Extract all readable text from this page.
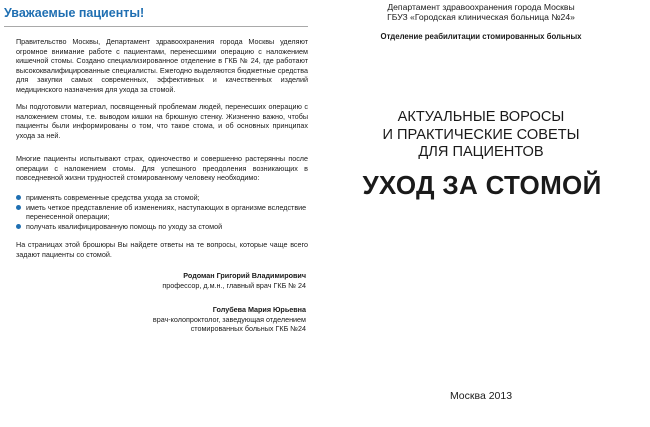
Уважаемые пациенты!
Правительство Москвы, Департамент здравоохранения города Москвы уделяют огромное внимание работе с пациентами, перенесшими операцию с наложением кишечной стомы. Создано специализированное отделение в ГКБ № 24, где работают высококвалифицированные специалисты. Ежегодно выделяются бюджетные средства для закупки самых современных, эффективных и качественных изделий медицинского назначения для ухода за стомой.
Мы подготовили материал, посвященный проблемам людей, перенесших операцию с наложением стомы, т.е. выводом кишки на брюшную стенку. Жизненно важно, чтобы пациенты были информированы о том, что такое стома, и об основных принципах ухода за ней.
Многие пациенты испытывают страх, одиночество и совершенно растерянны после операции с наложением стомы. Для успешного преодоления возникающих в повседневной жизни трудностей стомированному человеку необходимо:
применять современные средства ухода за стомой;
иметь четкое представление об изменениях, наступающих в организме вследствие перенесенной операции;
получать квалифицированную помощь по уходу за стомой
На страницах этой брошюры Вы найдете ответы на те вопросы, которые чаще всего задают пациенты со стомой.
Родоман Григорий Владимирович
профессор, д.м.н., главный врач ГКБ № 24
Голубева Мария Юрьевна
врач-колопроктолог, заведующая отделением
стомированных больных ГКБ №24
Департамент здравоохранения города Москвы
ГБУЗ «Городская клиническая больница №24»
Отделение реабилитации стомированных больных
АКТУАЛЬНЫЕ ВОРОСЫ
И ПРАКТИЧЕСКИЕ СОВЕТЫ
ДЛЯ ПАЦИЕНТОВ
УХОД ЗА СТОМОЙ
Москва 2013
